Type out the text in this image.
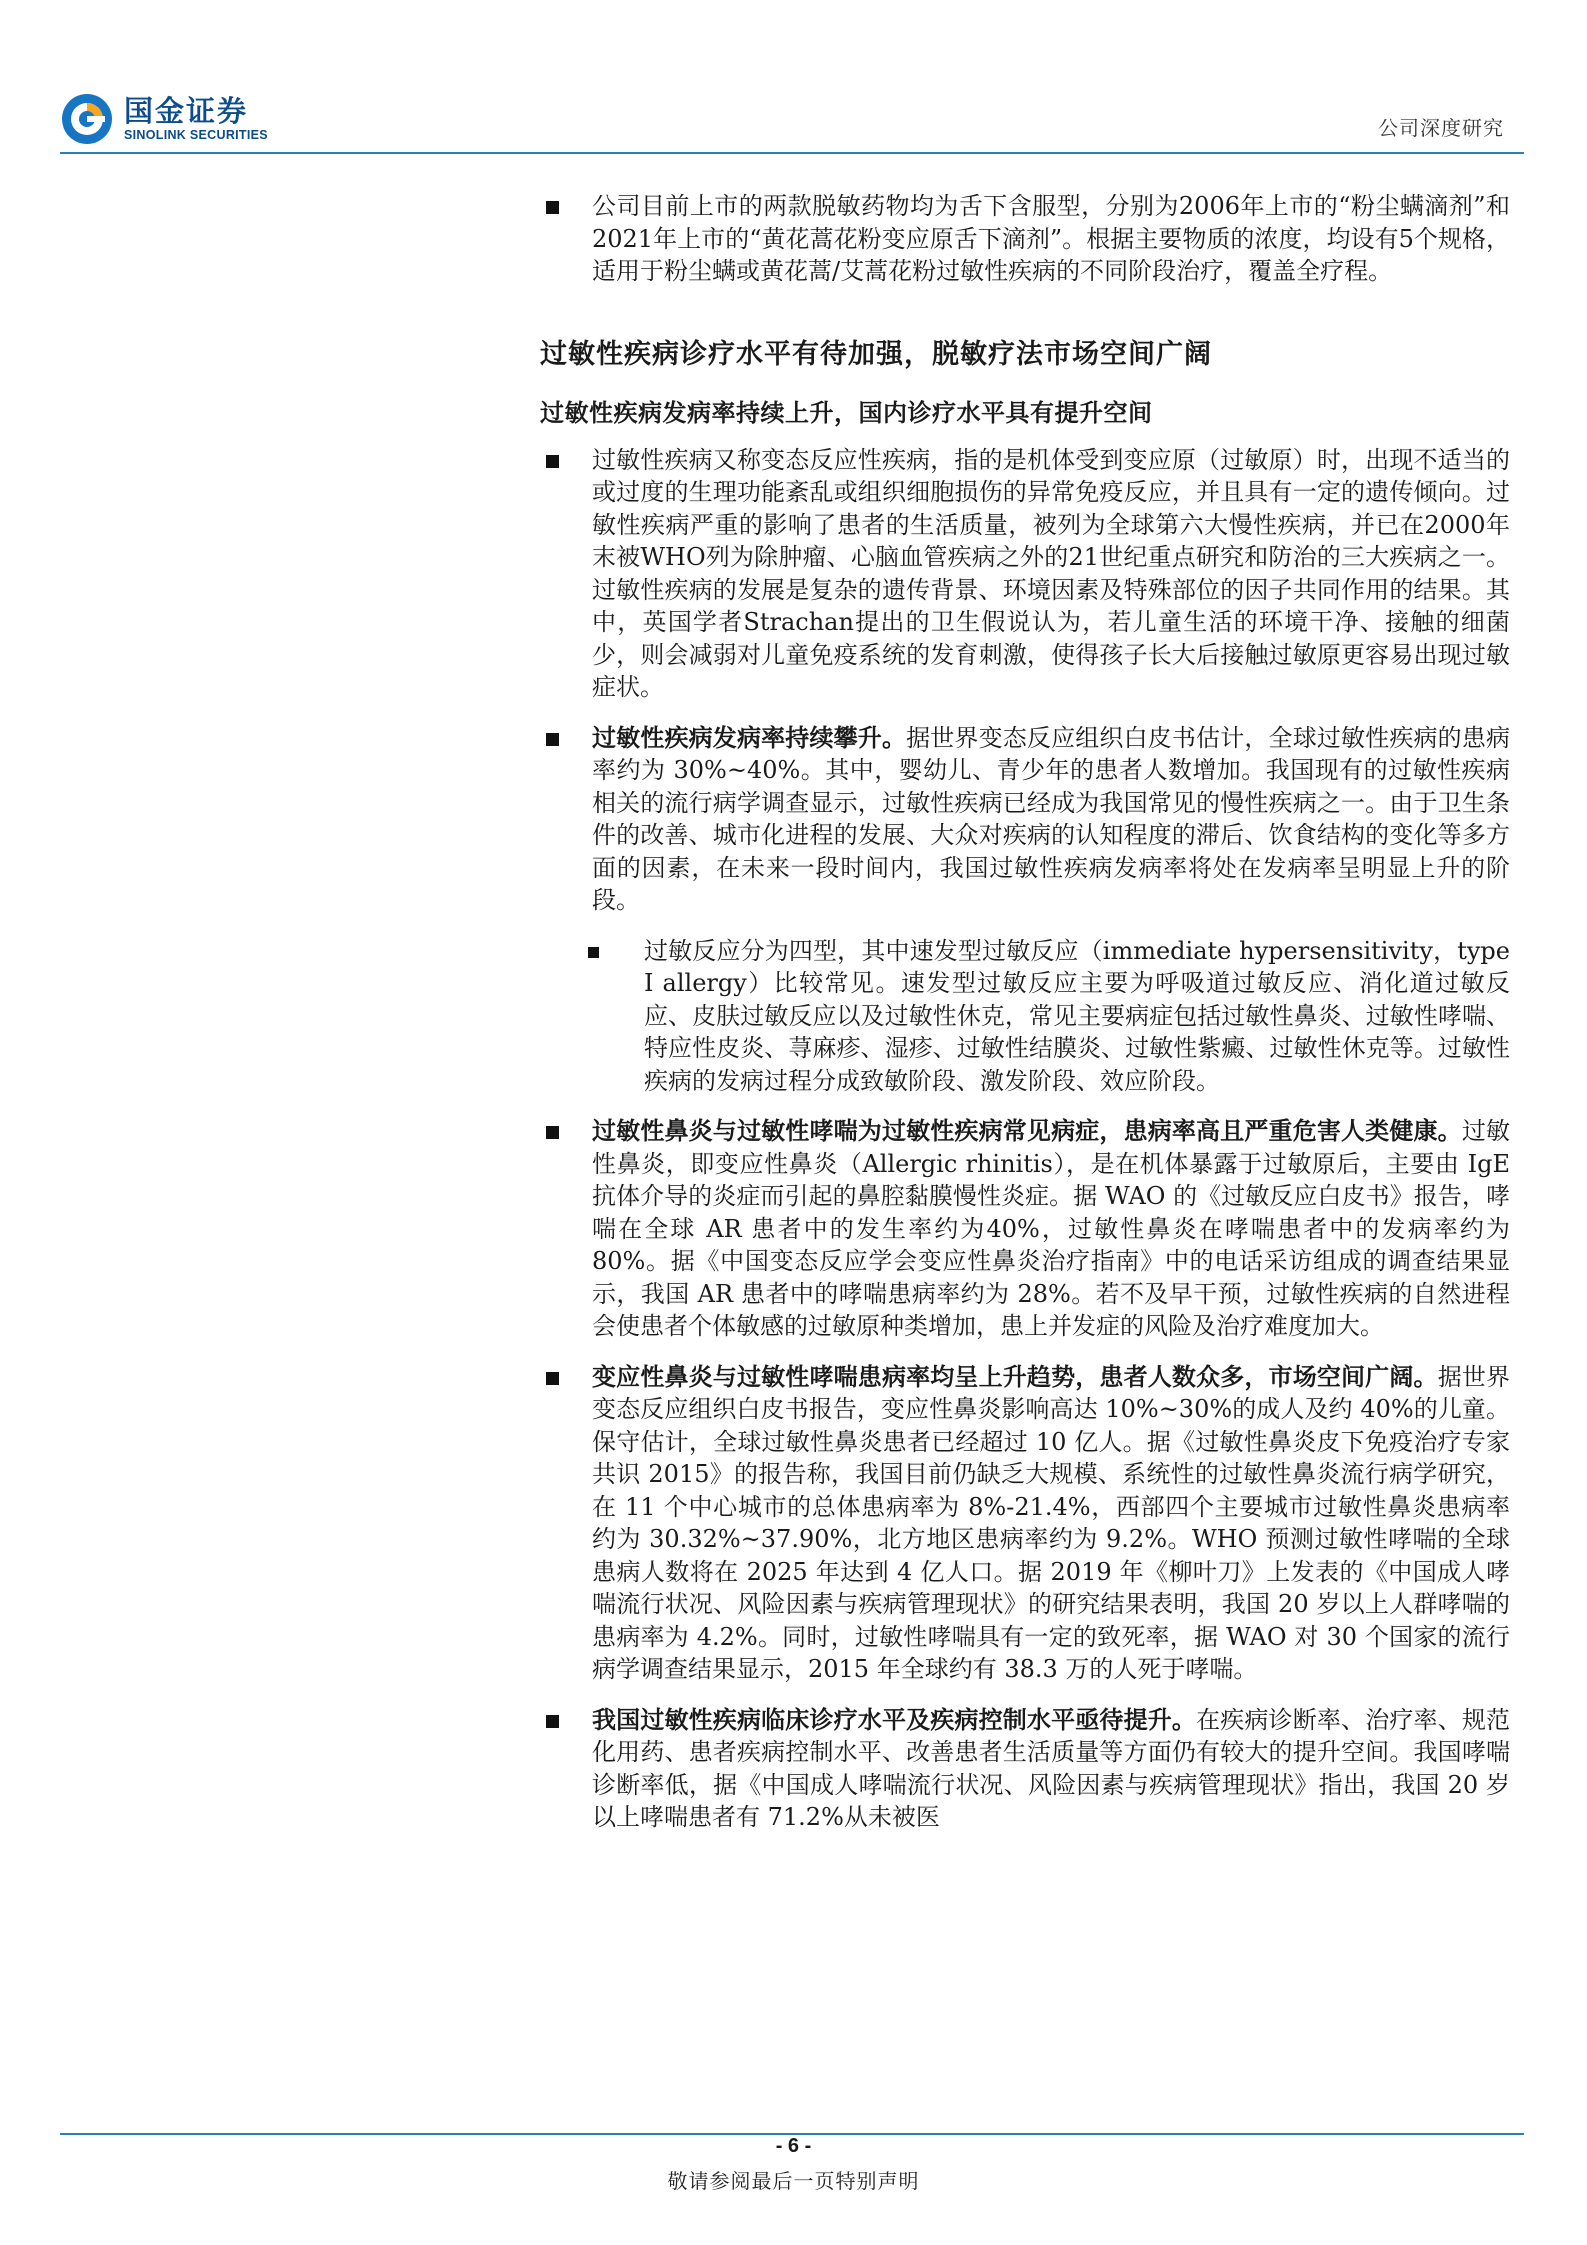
国金证券
SINOLINK SECURITIES	公司深度研究
公司目前上市的两款脱敏药物均为舌下含服型，分别为2006年上市的“粉尘螨滴剂”和2021年上市的“黄花蒿花粉变应原舌下滴剂”。根据主要物质的浓度，均设有5个规格，适用于粉尘螨或黄花蒿/艾蒿花粉过敏性疾病的不同阶段治疗，覆盖全疗程。
过敏性疾病诊疗水平有待加强，脱敏疗法市场空间广阔
过敏性疾病发病率持续上升，国内诊疗水平具有提升空间
过敏性疾病又称变态反应性疾病，指的是机体受到变应原（过敏原）时，出现不适当的或过度的生理功能紊乱或组织细胞损伤的异常免疫反应，并且具有一定的遗传倾向。过敏性疾病严重的影响了患者的生活质量，被列为全球第六大慢性疾病，并已在2000年末被WHO列为除肿瘤、心脑血管疾病之外的21世纪重点研究和防治的三大疾病之一。过敏性疾病的发展是复杂的遗传背景、环境因素及特殊部位的因子共同作用的结果。其中，英国学者Strachan提出的卫生假说认为，若儿童生活的环境干净、接触的细菌少，则会减弱对儿童免疫系统的发育刺激，使得孩子长大后接触过敏原更容易出现过敏症状。
过敏性疾病发病率持续攀升。据世界变态反应组织白皮书估计，全球过敏性疾病的患病率约为 30%~40%。其中，婴幼儿、青少年的患者人数增加。我国现有的过敏性疾病相关的流行病学调查显示，过敏性疾病已经成为我国常见的慢性疾病之一。由于卫生条件的改善、城市化进程的发展、大众对疾病的认知程度的滞后、饮食结构的变化等多方面的因素，在未来一段时间内，我国过敏性疾病发病率将处在发病率呈明显上升的阶段。
过敏反应分为四型，其中速发型过敏反应（immediate hypersensitivity，type I allergy）比较常见。速发型过敏反应主要为呼吸道过敏反应、消化道过敏反应、皮肤过敏反应以及过敏性休克，常见主要病症包括过敏性鼻炎、过敏性哮喘、特应性皮炎、荨麻疹、湿疹、过敏性结膜炎、过敏性紫癜、过敏性休克等。过敏性疾病的发病过程分成致敏阶段、激发阶段、效应阶段。
过敏性鼻炎与过敏性哮喘为过敏性疾病常见病症，患病率高且严重危害人类健康。过敏性鼻炎，即变应性鼻炎（Allergic rhinitis），是在机体暴露于过敏原后，主要由 IgE 抗体介导的炎症而引起的鼻腔黏膜慢性炎症。据 WAO 的《过敏反应白皮书》报告，哮喘在全球 AR 患者中的发生率约为40%，过敏性鼻炎在哮喘患者中的发病率约为 80%。据《中国变态反应学会变应性鼻炎治疗指南》中的电话采访组成的调查结果显示，我国 AR 患者中的哮喘患病率约为 28%。若不及早干预，过敏性疾病的自然进程会使患者个体敏感的过敏原种类增加，患上并发症的风险及治疗难度加大。
变应性鼻炎与过敏性哮喘患病率均呈上升趋势，患者人数众多，市场空间广阔。据世界变态反应组织白皮书报告，变应性鼻炎影响高达 10%~30%的成人及约 40%的儿童。保守估计，全球过敏性鼻炎患者已经超过 10 亿人。据《过敏性鼻炎皮下免疫治疗专家共识 2015》的报告称，我国目前仍缺乏大规模、系统性的过敏性鼻炎流行病学研究，在 11 个中心城市的总体患病率为 8%-21.4%，西部四个主要城市过敏性鼻炎患病率约为 30.32%~37.90%，北方地区患病率约为 9.2%。WHO 预测过敏性哮喘的全球患病人数将在 2025 年达到 4 亿人口。据 2019 年《柳叶刀》上发表的《中国成人哮喘流行状况、风险因素与疾病管理现状》的研究结果表明，我国 20 岁以上人群哮喘的患病率为 4.2%。同时，过敏性哮喘具有一定的致死率，据 WAO 对 30 个国家的流行病学调查结果显示，2015 年全球约有 38.3 万的人死于哮喘。
我国过敏性疾病临床诊疗水平及疾病控制水平亟待提升。在疾病诊断率、治疗率、规范化用药、患者疾病控制水平、改善患者生活质量等方面仍有较大的提升空间。我国哮喘诊断率低，据《中国成人哮喘流行状况、风险因素与疾病管理现状》指出，我国 20 岁以上哮喘患者有 71.2%从未被医
- 6 -
敬请参阅最后一页特别声明
